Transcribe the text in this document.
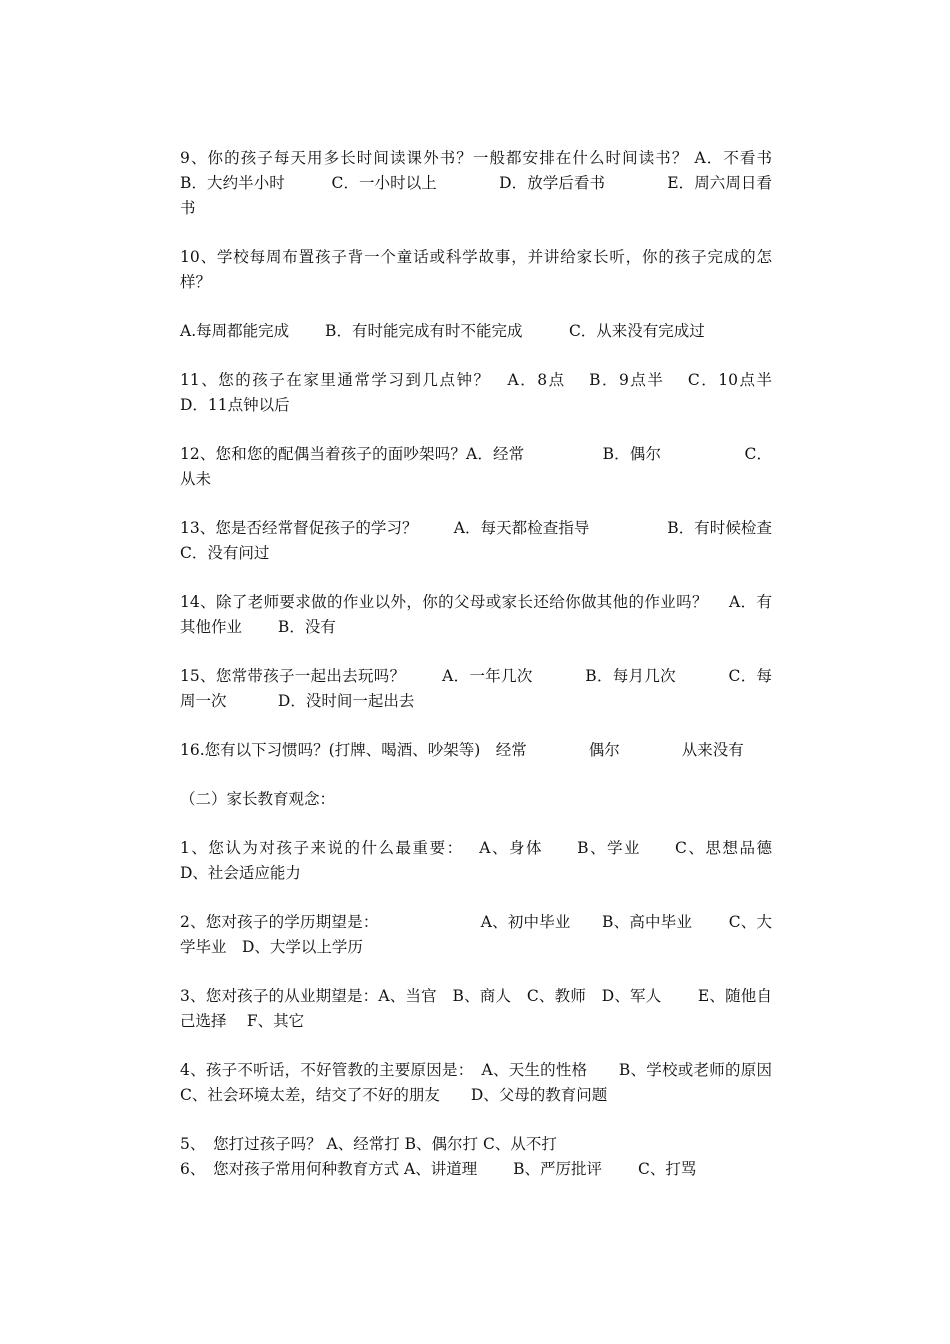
9、你的孩子每天用多长时间读课外书？一般都安排在什么时间读书？ A．不看书　 B．大约半小时　　　C．一小时以上　　　　D．放学后看书　　　　E．周六周日看书

10、学校每周布置孩子背一个童话或科学故事，并讲给家长听，你的孩子完成的怎样？

A.每周都能完成　　 B．有时能完成有时不能完成　　　C．从来没有完成过

11、您的孩子在家里通常学习到几点钟？　A．8点　 B．9点半　 C．10点半　　D．11点钟以后

12、您和您的配偶当着孩子的面吵架吗？A．经常　　　　　B．偶尔　　　　　 C．从未

13、您是否经常督促孩子的学习？　　 A．每天都检查指导　　　　　B．有时候检查　　 C．没有问过

14、除了老师要求做的作业以外，你的父母或家长还给你做其他的作业吗？　 A．有其他作业　　 B．没有

15、您常带孩子一起出去玩吗？　　 A．一年几次　　　 B．每月几次　　　 C．每周一次　　　 D．没时间一起出去

16.您有以下习惯吗？(打牌、喝酒、吵架等)　经常　　　　偶尔　　　　从来没有

（二）家长教育观念：

1、您认为对孩子来说的什么最重要：　 A、身体　　B、学业　　C、思想品德　　 D、社会适应能力

2、您对孩子的学历期望是：　　　　　　　A、初中毕业　　B、高中毕业　　 C、大学毕业　D、大学以上学历

3、您对孩子的从业期望是：A、当官　B、商人　C、教师　D、军人　　 E、随他自己选择　 F、其它

4、孩子不听话，不好管教的主要原因是：　A、天生的性格　　B、学校或老师的原因　　C、社会环境太差，结交了不好的朋友　　D、父母的教育问题

5、　您打过孩子吗？ A、经常打 B、偶尔打 C、从不打

6、　您对孩子常用何种教育方式 A、讲道理　　 B、严厉批评　　 C、打骂
